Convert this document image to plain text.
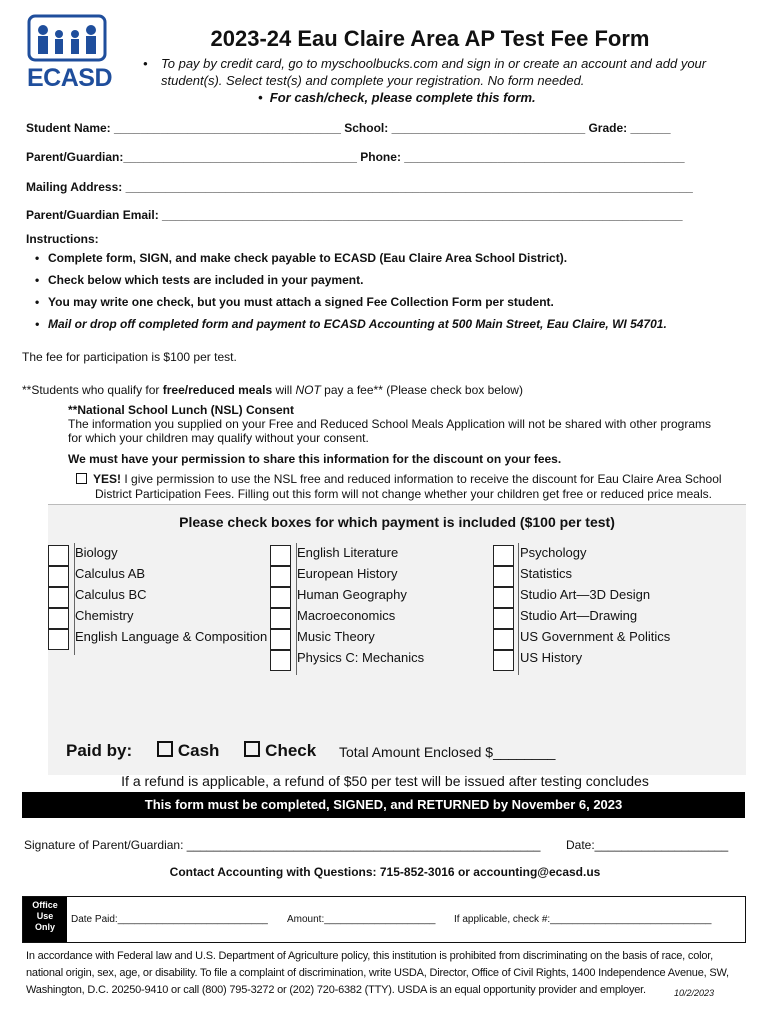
ECASD
2023-24 Eau Claire Area AP Test Fee Form
•	To pay by credit card, go to myschoolbucks.com and sign in or create an account and add your student(s). Select test(s) and complete your registration. No form needed.
•  For cash/check, please complete this form.
Student Name: __________________________________ School: _____________________________ Grade: ______
Parent/Guardian:___________________________________ Phone: __________________________________________
Mailing Address: _____________________________________________________________________________________
Parent/Guardian Email: ______________________________________________________________________________
Instructions:
• Complete form, SIGN, and make check payable to ECASD (Eau Claire Area School District).
• Check below which tests are included in your payment.
• You may write one check, but you must attach a signed Fee Collection Form per student.
• Mail or drop off completed form and payment to ECASD Accounting at 500 Main Street, Eau Claire, WI 54701.
The fee for participation is $100 per test.
**Students who qualify for free/reduced meals will NOT pay a fee** (Please check box below)
**National School Lunch (NSL) Consent
The information you supplied on your Free and Reduced School Meals Application will not be shared with other programs
for which your children may qualify without your consent.
We must have your permission to share this information for the discount on your fees.
YES! I give permission to use the NSL free and reduced information to receive the discount for Eau Claire Area School
District Participation Fees. Filling out this form will not change whether your children get free or reduced price meals.
Please check boxes for which payment is included ($100 per test)
Biology
Calculus AB
Calculus BC
Chemistry
English Language & Composition
English Literature
European History
Human Geography
Macroeconomics
Music Theory
Physics C: Mechanics
Psychology
Statistics
Studio Art—3D Design
Studio Art—Drawing
US Government & Politics
US History
Paid by:	Cash	Check Total Amount Enclosed $________
If a refund is applicable, a refund of $50 per test will be issued after testing concludes
This form must be completed, SIGNED, and RETURNED by November 6, 2023
Signature of Parent/Guardian: _____________________________________________________ Date:____________________
Contact Accounting with Questions: 715-852-3016 or accounting@ecasd.us
Office
Use
Only
Date Paid:___________________________ Amount:____________________ If applicable, check #:_____________________________
In accordance with Federal law and U.S. Department of Agriculture policy, this institution is prohibited from discriminating on the basis of race, color, national origin, sex, age, or disability. To file a complaint of discrimination, write USDA, Director, Office of Civil Rights, 1400 Independence Avenue, SW, Washington, D.C. 20250-9410 or call (800) 795-3272 or (202) 720-6382 (TTY). USDA is an equal opportunity provider and employer.	10/2/2023
